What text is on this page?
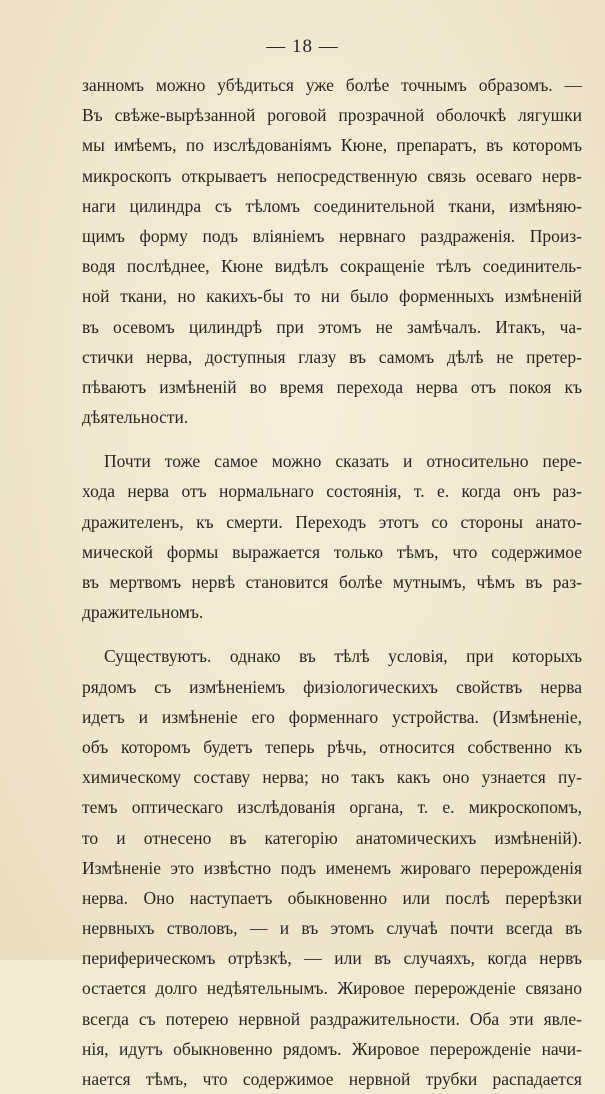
— 18 —
занномъ можно убѣдиться уже болѣе точнымъ образомъ. —
Въ свѣже-вырѣзанной роговой прозрачной оболочкѣ лягушки
мы имѣемъ, по изслѣдованіямъ Кюне, препаратъ, въ которомъ
микроскопъ открываетъ непосредственную связь осеваго нерв-
наги цилиндра съ тѣломъ соединительной ткани, измѣняю-
щимъ форму подъ вліяніемъ нервнаго раздраженія. Произ-
водя послѣднее, Кюне видѣлъ сокращеніе тѣлъ соединитель-
ной ткани, но какихъ-бы то ни было форменныхъ измѣненій
въ осевомъ цилиндрѣ при этомъ не замѣчалъ. Итакъ, ча-
стички нерва, доступныя глазу въ самомъ дѣлѣ не претер-
пѣваютъ измѣненій во время перехода нерва отъ покоя къ
дѣятельности.
Почти тоже самое можно сказать и относительно пере-
хода нерва отъ нормальнаго состоянія, т. е. когда онъ раз-
дражителенъ, къ смерти. Переходъ этотъ со стороны анато-
мической формы выражается только тѣмъ, что содержимое
въ мертвомъ нервѣ становится болѣе мутнымъ, чѣмъ въ раз-
дражительномъ.
Существуютъ. однако въ тѣлѣ условія, при которыхъ
рядомъ съ измѣненіемъ физіологическихъ свойствъ нерва
идетъ и измѣненіе его форменнаго устройства. (Измѣненіе,
объ которомъ будетъ теперь рѣчь, относится собственно къ
химическому составу нерва; но такъ какъ оно узнается пу-
темъ оптическаго изслѣдованія органа, т. е. микроскопомъ,
то и отнесено въ категорію анатомическихъ измѣненій).
Измѣненіе это извѣстно подъ именемъ жироваго перерожденія
нерва. Оно наступаетъ обыкновенно или послѣ перерѣзки
нервныхъ стволовъ, — и въ этомъ случаѣ почти всегда въ
периферическомъ отрѣзкѣ, — или въ случаяхъ, когда нервъ
остается долго недѣятельнымъ. Жировое перерожденіе связано
всегда съ потерею нервной раздражительности. Оба эти явле-
нія, идутъ обыкновенно рядомъ. Жировое перерожденіе начи-
нается тѣмъ, что содержимое нервной трубки распадается
